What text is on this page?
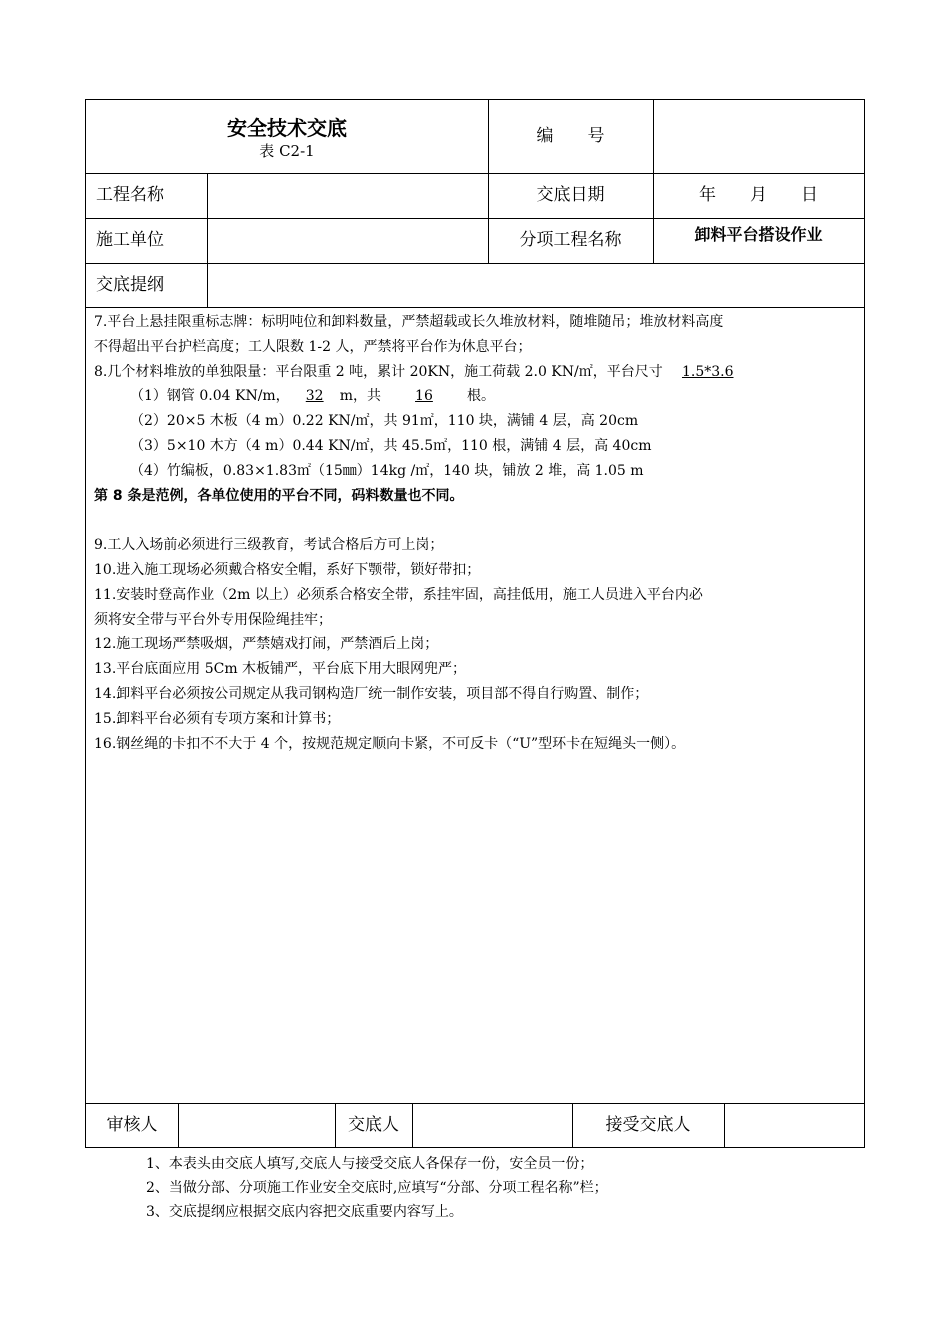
安全技术交底
表 C2-1
编　　号
工程名称	交底日期	年　　月　　日
施工单位	分项工程名称	卸料平台搭设作业
交底提纲
7.平台上悬挂限重标志牌：标明吨位和卸料数量，严禁超载或长久堆放材料，随堆随吊；堆放材料高度
不得超出平台护栏高度；工人限数 1-2 人，严禁将平台作为休息平台；
8.几个材料堆放的单独限量：平台限重 2 吨，累计 20KN，施工荷载 2.0 KN/㎡，平台尺寸 1.5*3.6
（1）钢管 0.04 KN/m， 32 m，共 16 根。
（2）20×5 木板（4 m）0.22 KN/㎡，共 91㎡，110 块，满铺 4 层，高 20cm
（3）5×10 木方（4 m）0.44 KN/㎡，共 45.5㎡，110 根，满铺 4 层，高 40cm
（4）竹编板，0.83×1.83㎡（15㎜）14kg /㎡，140 块，铺放 2 堆，高 1.05 m
第 8 条是范例，各单位使用的平台不同，码料数量也不同。
9.工人入场前必须进行三级教育，考试合格后方可上岗；
10.进入施工现场必须戴合格安全帽，系好下颚带，锁好带扣；
11.安装时登高作业（2m 以上）必须系合格安全带，系挂牢固，高挂低用，施工人员进入平台内必
须将安全带与平台外专用保险绳挂牢；
12.施工现场严禁吸烟，严禁嬉戏打闹，严禁酒后上岗；
13.平台底面应用 5Cm 木板铺严，平台底下用大眼网兜严；
14.卸料平台必须按公司规定从我司钢构造厂统一制作安装，项目部不得自行购置、制作；
15.卸料平台必须有专项方案和计算书；
16.钢丝绳的卡扣不不大于 4 个，按规范规定顺向卡紧，不可反卡（“U”型环卡在短绳头一侧）。
审核人	交底人	接受交底人
1、本表头由交底人填写,交底人与接受交底人各保存一份，安全员一份；
2、当做分部、分项施工作业安全交底时,应填写“分部、分项工程名称”栏；
3、交底提纲应根据交底内容把交底重要内容写上。
